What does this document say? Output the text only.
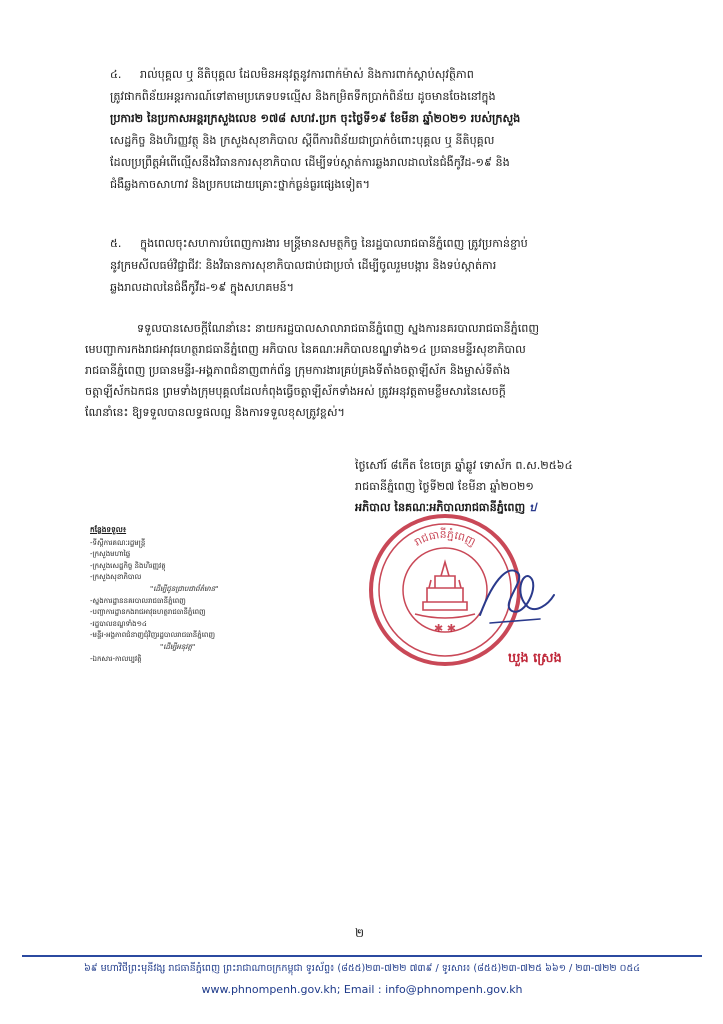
៤.	រាល់បុគ្គល ឬ នីតិបុគ្គល ដែលមិនអនុវត្តនូវការពាក់ម៉ាស់ និងការពាក់ស្ដាប់សុវត្ថិភាព
ត្រូវផាកពិន័យអន្តរការណ៍ទៅតាមប្រភេទបទល្មើស និងកម្រិតទឹកប្រាក់ពិន័យ ដូចមានចែងនៅក្នុង
ប្រការ២ នៃប្រកាសអន្តរក្រសួងលេខ ១៧៨ សហវ.ប្រក ចុះថ្ងៃទី១៩ ខែមីនា ឆ្នាំ២០២១ របស់ក្រសួង
សេដ្ឋកិច្ច និងហិរញ្ញវត្ថុ និង ក្រសួងសុខាភិបាល ស្ដីពីការពិន័យជាប្រាក់ចំពោះបុគ្គល ឬ នីតិបុគ្គល
ដែលប្រព្រឹត្តអំពើល្មើសនឹងវិធានការសុខាភិបាល ដើម្បីទប់ស្កាត់ការឆ្លងរាលដាលនៃជំងឺកូវីដ-១៩ និង
ជំងឺឆ្លងកាចសាហាវ និងប្រកបដោយគ្រោះថ្នាក់ធ្ងន់ធ្ងរផ្សេងទៀត។
៥.	ក្នុងពេលចុះសហការបំពេញការងារ មន្ត្រីមានសមត្ថកិច្ច នៃរដ្ឋបាលរាជធានីភ្នំពេញ ត្រូវប្រកាន់ខ្ជាប់
នូវក្រមសីលធម៌វិជ្ជាជីវៈ និងវិធានការសុខាភិបាលជាប់ជាប្រចាំ ដើម្បីចូលរួមបង្ការ និងទប់ស្កាត់ការ
ឆ្លងរាលដាលនៃជំងឺកូវីដ-១៩ ក្នុងសហគមន៍។
ទទួលបានសេចក្ដីណែនាំនេះ នាយករដ្ឋបាលសាលារាជធានីភ្នំពេញ ស្នងការនគរបាលរាជធានីភ្នំពេញ
មេបញ្ជាការកងរាជអាវុធហត្ថរាជធានីភ្នំពេញ អភិបាល នៃគណៈអភិបាលខណ្ឌទាំង១៤ ប្រធានមន្ទីរសុខាភិបាល
រាជធានីភ្នំពេញ ប្រធានមន្ទីរ-អង្គភាពជំនាញពាក់ព័ន្ធ ក្រុមការងារគ្រប់គ្រងទីតាំងចត្តាឡីស័ក និងម្ចាស់ទីតាំង
ចត្តាឡីស័កឯកជន ព្រមទាំងក្រុមបុគ្គលដែលកំពុងធ្វើចត្តាឡីស័កទាំងអស់ ត្រូវអនុវត្តតាមខ្លឹមសារនៃសេចក្ដី
ណែនាំនេះ ឱ្យទទួលបានលទ្ធផលល្អ និងការទទួលខុសត្រូវខ្ពស់។
ថ្ងៃសៅរ៍ ៨កើត ខែចេត្រ ឆ្នាំឆ្លូវ ទោស័ក ព.ស.២៥៦៤
រាជធានីភ្នំពេញ ថ្ងៃទី២៧ ខែមីនា ឆ្នាំ២០២១
អភិបាល នៃគណៈអភិបាលរាជធានីភ្នំពេញ ป
កន្លែងទទួល៖
-ទីស្ដីការគណៈរដ្ឋមន្ត្រី
-ក្រសួងមហាផ្ទៃ
-ក្រសួងសេដ្ឋកិច្ច និងហិរញ្ញវត្ថុ
-ក្រសួងសុខាភិបាល
"ដើម្បីជូនជ្រាបជាព័ត៌មាន"
-ស្នងការដ្ឋាននគរបាលរាជធានីភ្នំពេញ
-បញ្ជាការដ្ឋានកងរាជអាវុធហត្ថរាជធានីភ្នំពេញ
-រដ្ឋបាលខណ្ឌទាំង១៤
-មន្ទីរ-អង្គភាពជំនាញជុំវិញរដ្ឋបាលរាជធានីភ្នំពេញ
"ដើម្បីអនុវត្ត"
-ឯកសារ-កាលប្បវត្តិ
រាជធានីភ្នំពេញ
✱ ✱
ឃួង ស្រេង
២
៦៩ មហាវិថីព្រះមុនីវង្ស រាជធានីភ្នំពេញ ព្រះរាជាណាចក្រកម្ពុជា ទូរស័ព្ទ៖ (៨៥៥)២៣-៧២២ ៧៣៩ / ទូរសារ៖ (៨៥៥)២៣-៧២៥ ៦៦១ / ២៣-៧២២ ០៥៤
www.phnompenh.gov.kh; Email : info@phnompenh.gov.kh
